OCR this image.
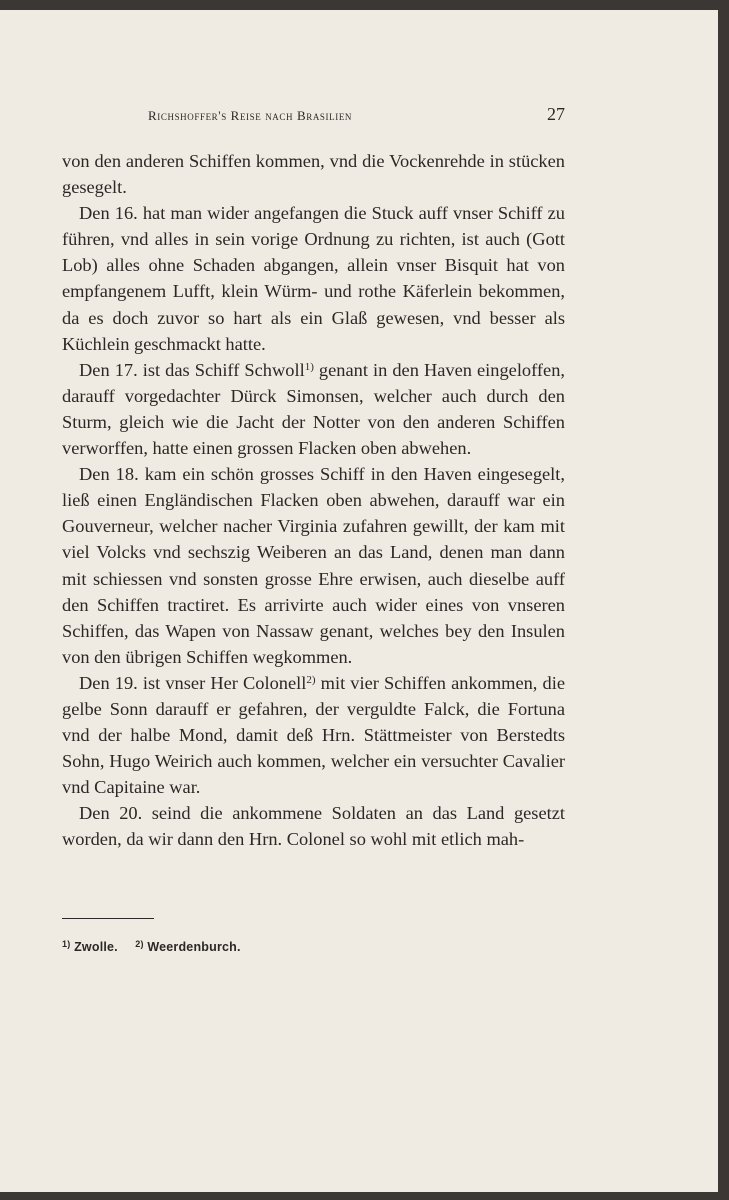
Richshoffer's Reise nach Brasilien	27

von den anderen Schiffen kommen, vnd die Vockenrehde in stücken gesegelt.

Den 16. hat man wider angefangen die Stuck auff vnser Schiff zu führen, vnd alles in sein vorige Ordnung zu richten, ist auch (Gott Lob) alles ohne Schaden abgangen, allein vnser Bisquit hat von empfangenem Lufft, klein Würm- und rothe Käferlein bekommen, da es doch zuvor so hart als ein Glaß gewesen, vnd besser als Küchlein geschmackt hatte.

Den 17. ist das Schiff Schwoll$^{1)}$ genant in den Haven eingeloffen, darauff vorgedachter Dürck Simonsen, welcher auch durch den Sturm, gleich wie die Jacht der Notter von den anderen Schiffen verworffen, hatte einen grossen Flacken oben abwehen.

Den 18. kam ein schön grosses Schiff in den Haven eingesegelt, ließ einen Engländischen Flacken oben abwehen, darauff war ein Gouverneur, welcher nacher Virginia zufahren gewillt, der kam mit viel Volcks vnd sechszig Weiberen an das Land, denen man dann mit schiessen vnd sonsten grosse Ehre erwisen, auch dieselbe auff den Schiffen tractiret. Es arrivirte auch wider eines von vnseren Schiffen, das Wapen von Nassaw genant, welches bey den Insulen von den übrigen Schiffen wegkommen.

Den 19. ist vnser Her Colonell$^{2)}$ mit vier Schiffen ankommen, die gelbe Sonn darauff er gefahren, der verguldte Falck, die Fortuna vnd der halbe Mond, damit deß Hrn. Stättmeister von Berstedts Sohn, Hugo Weirich auch kommen, welcher ein versuchter Cavalier vnd Capitaine war.

Den 20. seind die ankommene Soldaten an das Land gesetzt worden, da wir dann den Hrn. Colonel so wohl mit etlich mah-

$^{1)}$ Zwolle. $^{2)}$ Weerdenburch.
